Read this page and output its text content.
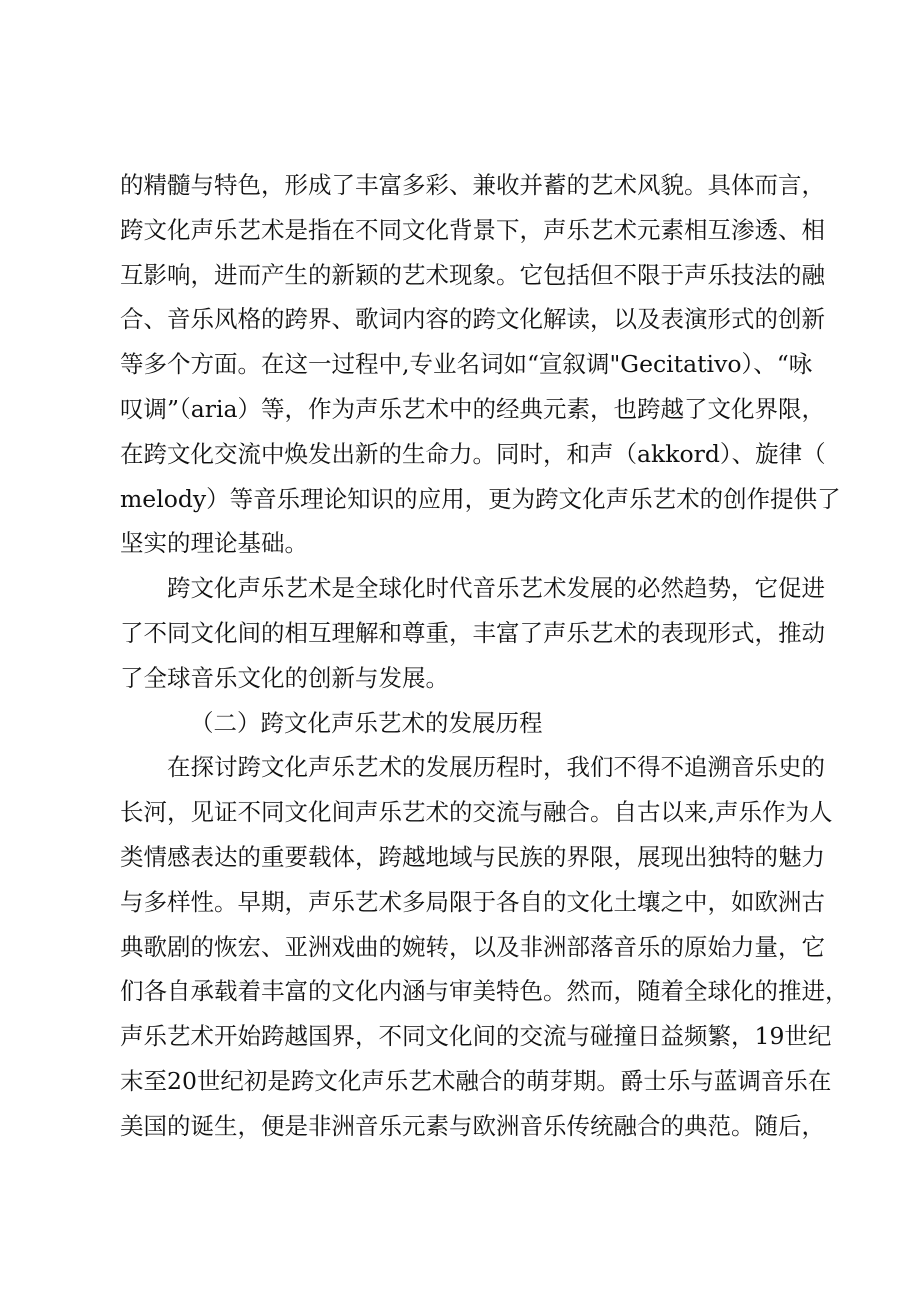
的精髓与特色，形成了丰富多彩、兼收并蓄的艺术风貌。具体而言，
跨文化声乐艺术是指在不同文化背景下，声乐艺术元素相互渗透、相
互影响，进而产生的新颖的艺术现象。它包括但不限于声乐技法的融
合、音乐风格的跨界、歌词内容的跨文化解读，以及表演形式的创新
等多个方面。在这一过程中,专业名词如“宣叙调"Gecitativo）、“咏
叹调”（aria）等，作为声乐艺术中的经典元素，也跨越了文化界限，
在跨文化交流中焕发出新的生命力。同时，和声（akkord）、旋律（
melody）等音乐理论知识的应用，更为跨文化声乐艺术的创作提供了
坚实的理论基础。
跨文化声乐艺术是全球化时代音乐艺术发展的必然趋势，它促进
了不同文化间的相互理解和尊重，丰富了声乐艺术的表现形式，推动
了全球音乐文化的创新与发展。
（二）跨文化声乐艺术的发展历程
在探讨跨文化声乐艺术的发展历程时，我们不得不追溯音乐史的
长河，见证不同文化间声乐艺术的交流与融合。自古以来,声乐作为人
类情感表达的重要载体，跨越地域与民族的界限，展现出独特的魅力
与多样性。早期，声乐艺术多局限于各自的文化土壤之中，如欧洲古
典歌剧的恢宏、亚洲戏曲的婉转，以及非洲部落音乐的原始力量，它
们各自承载着丰富的文化内涵与审美特色。然而，随着全球化的推进，
声乐艺术开始跨越国界，不同文化间的交流与碰撞日益频繁，19世纪
末至20世纪初是跨文化声乐艺术融合的萌芽期。爵士乐与蓝调音乐在
美国的诞生，便是非洲音乐元素与欧洲音乐传统融合的典范。随后，
